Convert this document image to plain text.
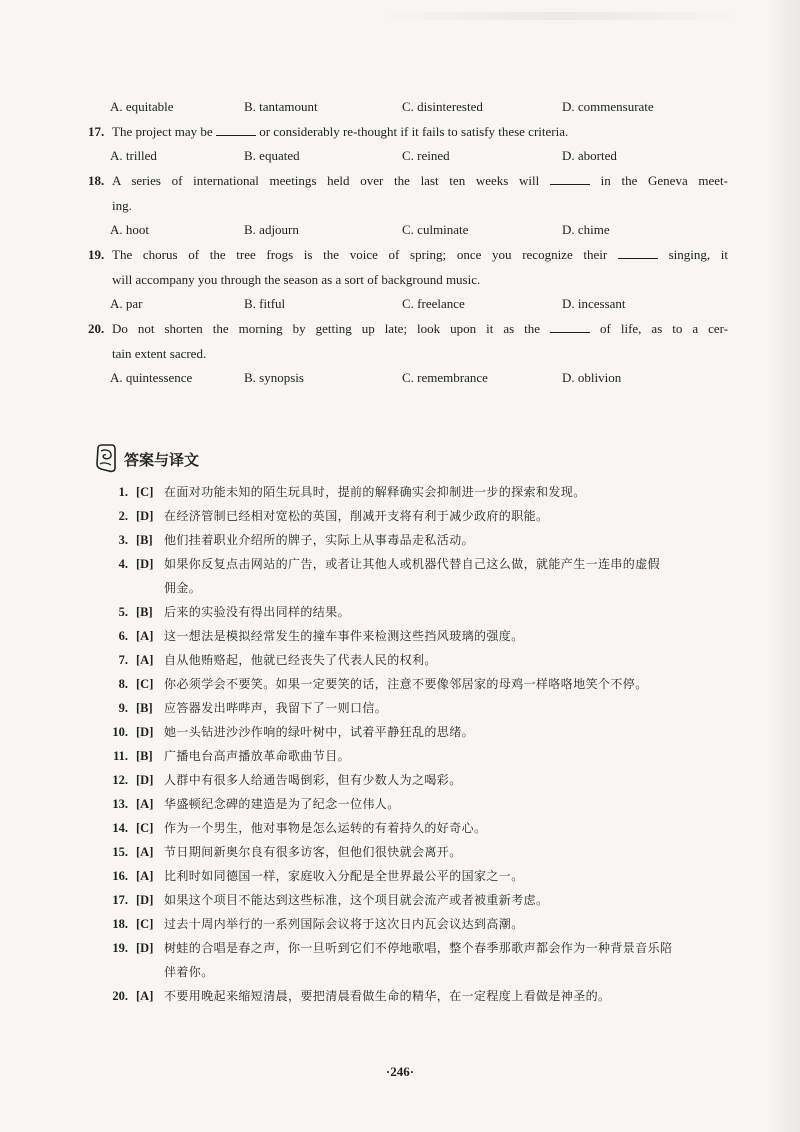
A. equitable	B. tantamount	C. disinterested	D. commensurate
17. The project may be	or considerably re-thought if it fails to satisfy these criteria.
A. trilled	B. equated	C. reined	D. aborted
18. A series of international meetings held over the last ten weeks will	in the Geneva meet-
ing.
A. hoot	B. adjourn	C. culminate	D. chime
19. The chorus of the tree frogs is the voice of spring; once you recognize their	singing, it
will accompany you through the season as a sort of background music.
A. par	B. fitful	C. freelance	D. incessant
20. Do not shorten the morning by getting up late; look upon it as the	of life, as to a cer-
tain extent sacred.
A. quintessence	B. synopsis	C. remembrance	D. oblivion
答案与译文
1. [C] 在面对功能未知的陌生玩具时，提前的解释确实会抑制进一步的探索和发现。
2. [D] 在经济管制已经相对宽松的英国，削减开支将有利于减少政府的职能。
3. [B] 他们挂着职业介绍所的牌子，实际上从事毒品走私活动。
4. [D] 如果你反复点击网站的广告，或者让其他人或机器代替自己这么做，就能产生一连串的虚假
佣金。
5. [B] 后来的实验没有得出同样的结果。
6. [A] 这一想法是模拟经常发生的撞车事件来检测这些挡风玻璃的强度。
7. [A] 自从他贿赂起，他就已经丧失了代表人民的权利。
8. [C] 你必须学会不要笑。如果一定要笑的话，注意不要像邻居家的母鸡一样咯咯地笑个不停。
9. [B] 应答器发出哔哔声，我留下了一则口信。
10. [D] 她一头钻进沙沙作响的绿叶树中，试着平静狂乱的思绪。
11. [B] 广播电台高声播放革命歌曲节目。
12. [D] 人群中有很多人给通告喝倒彩，但有少数人为之喝彩。
13. [A] 华盛顿纪念碑的建造是为了纪念一位伟人。
14. [C] 作为一个男生，他对事物是怎么运转的有着持久的好奇心。
15. [A] 节日期间新奥尔良有很多访客，但他们很快就会离开。
16. [A] 比利时如同德国一样，家庭收入分配是全世界最公平的国家之一。
17. [D] 如果这个项目不能达到这些标准，这个项目就会流产或者被重新考虑。
18. [C] 过去十周内举行的一系列国际会议将于这次日内瓦会议达到高潮。
19. [D] 树蛙的合唱是春之声，你一旦听到它们不停地歌唱，整个春季那歌声都会作为一种背景音乐陪
伴着你。
20. [A] 不要用晚起来缩短清晨，要把清晨看做生命的精华，在一定程度上看做是神圣的。
·246·
